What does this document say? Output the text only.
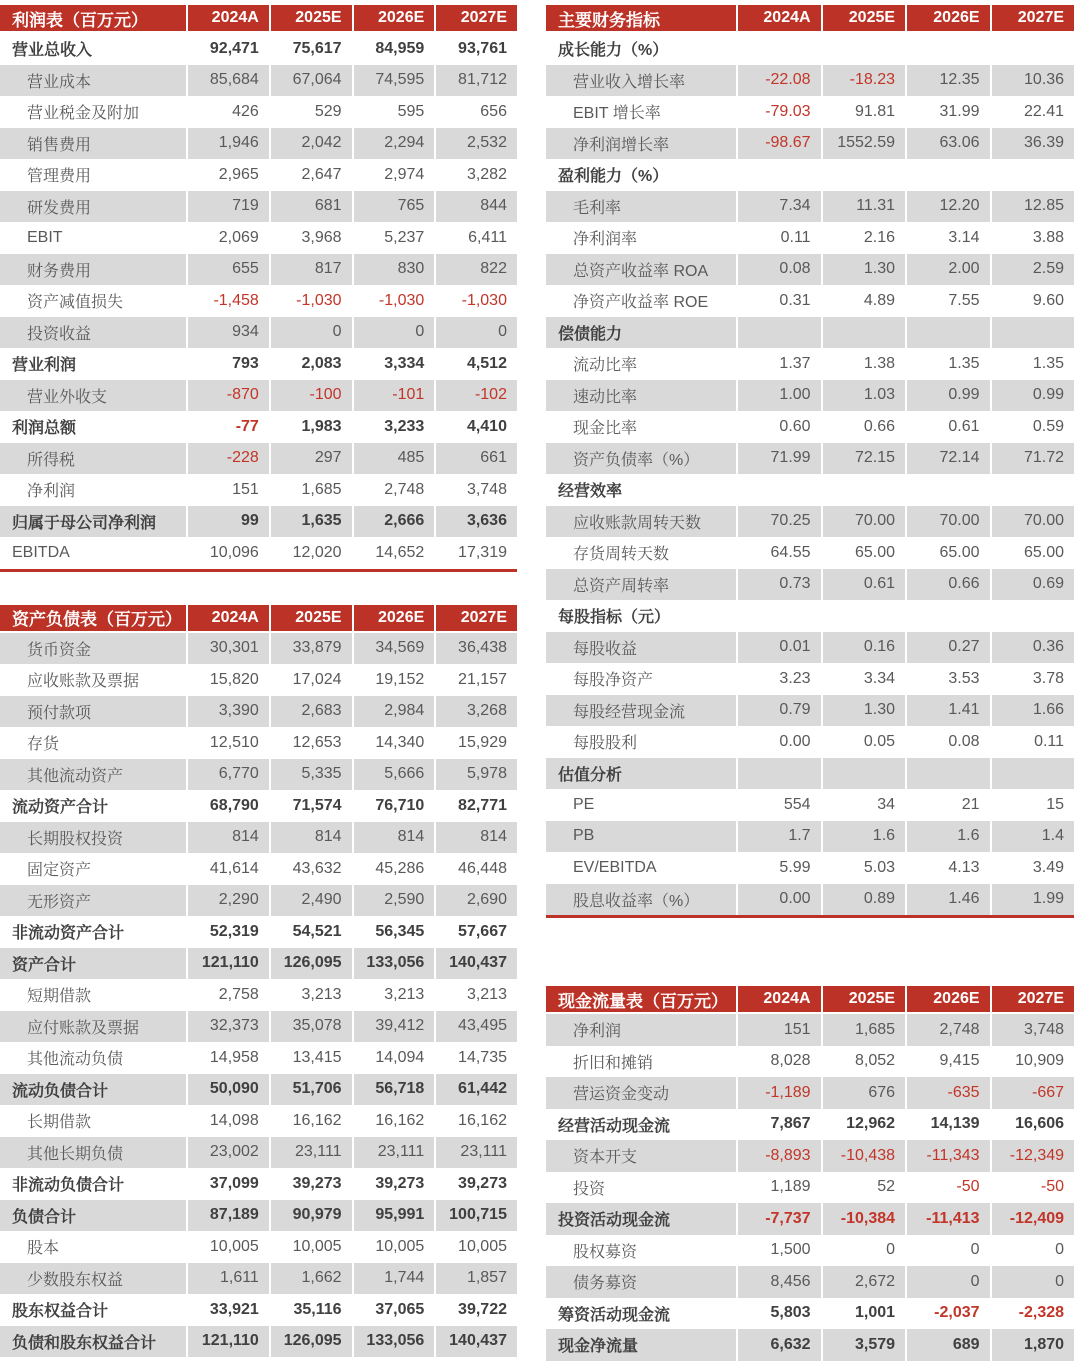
利润表（百万元）	2024A	2025E	2026E	2027E
营业总收入	92,471	75,617	84,959	93,761
营业成本	85,684	67,064	74,595	81,712
营业税金及附加	426	529	595	656
销售费用	1,946	2,042	2,294	2,532
管理费用	2,965	2,647	2,974	3,282
研发费用	719	681	765	844
EBIT	2,069	3,968	5,237	6,411
财务费用	655	817	830	822
资产减值损失	-1,458	-1,030	-1,030	-1,030
投资收益	934	0	0	0
营业利润	793	2,083	3,334	4,512
营业外收支	-870	-100	-101	-102
利润总额	-77	1,983	3,233	4,410
所得税	-228	297	485	661
净利润	151	1,685	2,748	3,748
归属于母公司净利润	99	1,635	2,666	3,636
EBITDA	10,096	12,020	14,652	17,319
资产负债表（百万元）	2024A	2025E	2026E	2027E
货币资金	30,301	33,879	34,569	36,438
应收账款及票据	15,820	17,024	19,152	21,157
预付款项	3,390	2,683	2,984	3,268
存货	12,510	12,653	14,340	15,929
其他流动资产	6,770	5,335	5,666	5,978
流动资产合计	68,790	71,574	76,710	82,771
长期股权投资	814	814	814	814
固定资产	41,614	43,632	45,286	46,448
无形资产	2,290	2,490	2,590	2,690
非流动资产合计	52,319	54,521	56,345	57,667
资产合计	121,110	126,095	133,056	140,437
短期借款	2,758	3,213	3,213	3,213
应付账款及票据	32,373	35,078	39,412	43,495
其他流动负债	14,958	13,415	14,094	14,735
流动负债合计	50,090	51,706	56,718	61,442
长期借款	14,098	16,162	16,162	16,162
其他长期负债	23,002	23,111	23,111	23,111
非流动负债合计	37,099	39,273	39,273	39,273
负债合计	87,189	90,979	95,991	100,715
股本	10,005	10,005	10,005	10,005
少数股东权益	1,611	1,662	1,744	1,857
股东权益合计	33,921	35,116	37,065	39,722
负债和股东权益合计	121,110	126,095	133,056	140,437
主要财务指标	2024A	2025E	2026E	2027E
成长能力（%）
营业收入增长率	-22.08	-18.23	12.35	10.36
EBIT 增长率	-79.03	91.81	31.99	22.41
净利润增长率	-98.67	1552.59	63.06	36.39
盈利能力（%）
毛利率	7.34	11.31	12.20	12.85
净利润率	0.11	2.16	3.14	3.88
总资产收益率 ROA	0.08	1.30	2.00	2.59
净资产收益率 ROE	0.31	4.89	7.55	9.60
偿债能力
流动比率	1.37	1.38	1.35	1.35
速动比率	1.00	1.03	0.99	0.99
现金比率	0.60	0.66	0.61	0.59
资产负债率（%）	71.99	72.15	72.14	71.72
经营效率
应收账款周转天数	70.25	70.00	70.00	70.00
存货周转天数	64.55	65.00	65.00	65.00
总资产周转率	0.73	0.61	0.66	0.69
每股指标（元）
每股收益	0.01	0.16	0.27	0.36
每股净资产	3.23	3.34	3.53	3.78
每股经营现金流	0.79	1.30	1.41	1.66
每股股利	0.00	0.05	0.08	0.11
估值分析
PE	554	34	21	15
PB	1.7	1.6	1.6	1.4
EV/EBITDA	5.99	5.03	4.13	3.49
股息收益率（%）	0.00	0.89	1.46	1.99
现金流量表（百万元）	2024A	2025E	2026E	2027E
净利润	151	1,685	2,748	3,748
折旧和摊销	8,028	8,052	9,415	10,909
营运资金变动	-1,189	676	-635	-667
经营活动现金流	7,867	12,962	14,139	16,606
资本开支	-8,893	-10,438	-11,343	-12,349
投资	1,189	52	-50	-50
投资活动现金流	-7,737	-10,384	-11,413	-12,409
股权募资	1,500	0	0	0
债务募资	8,456	2,672	0	0
筹资活动现金流	5,803	1,001	-2,037	-2,328
现金净流量	6,632	3,579	689	1,870
